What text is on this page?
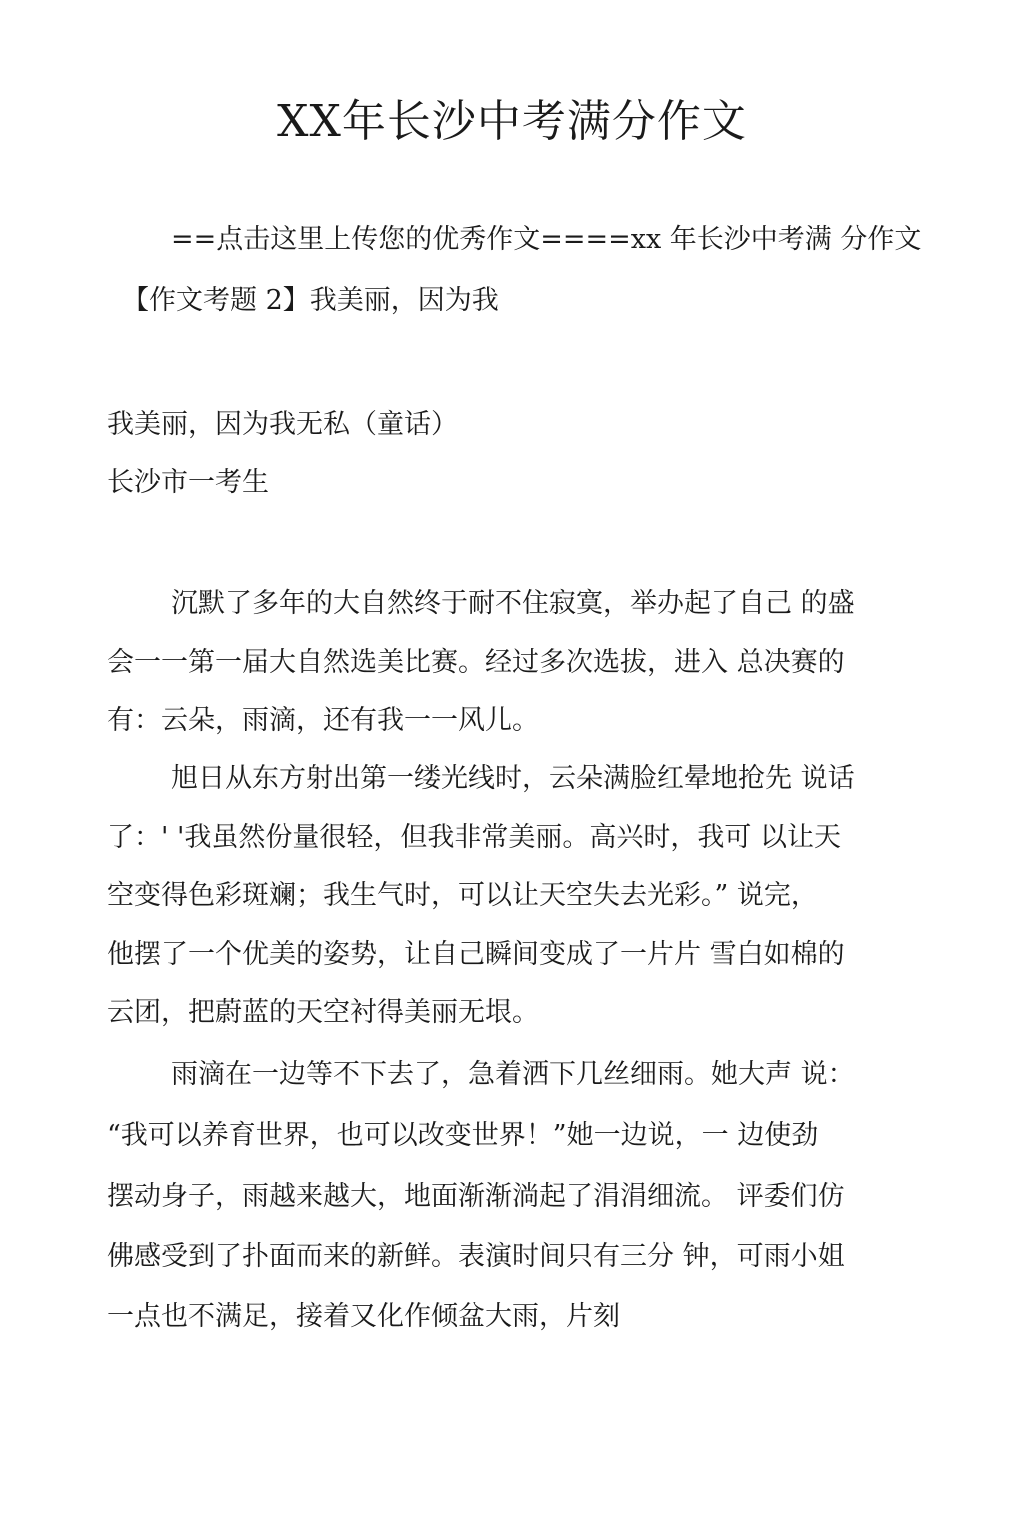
XX年长沙中考满分作文
==点击这里上传您的优秀作文====xx 年长沙中考满 分作文
【作文考题 2】我美丽，因为我
我美丽，因为我无私（童话）
长沙市一考生
沉默了多年的大自然终于耐不住寂寞，举办起了自己 的盛
会一一第一届大自然选美比赛。经过多次选拔，进入 总决赛的
有：云朵，雨滴，还有我一一风儿。
旭日从东方射出第一缕光线时，云朵满脸红晕地抢先 说话
了：' '我虽然份量很轻，但我非常美丽。高兴时，我可 以让天
空变得色彩斑斓；我生气时，可以让天空失去光彩。” 说完，
他摆了一个优美的姿势，让自己瞬间变成了一片片 雪白如棉的
云团，把蔚蓝的天空衬得美丽无垠。
雨滴在一边等不下去了，急着洒下几丝细雨。她大声 说：
“我可以养育世界，也可以改变世界！”她一边说，一 边使劲
摆动身子，雨越来越大，地面渐渐淌起了涓涓细流。 评委们仿
佛感受到了扑面而来的新鲜。表演时间只有三分 钟，可雨小姐
一点也不满足，接着又化作倾盆大雨，片刻
